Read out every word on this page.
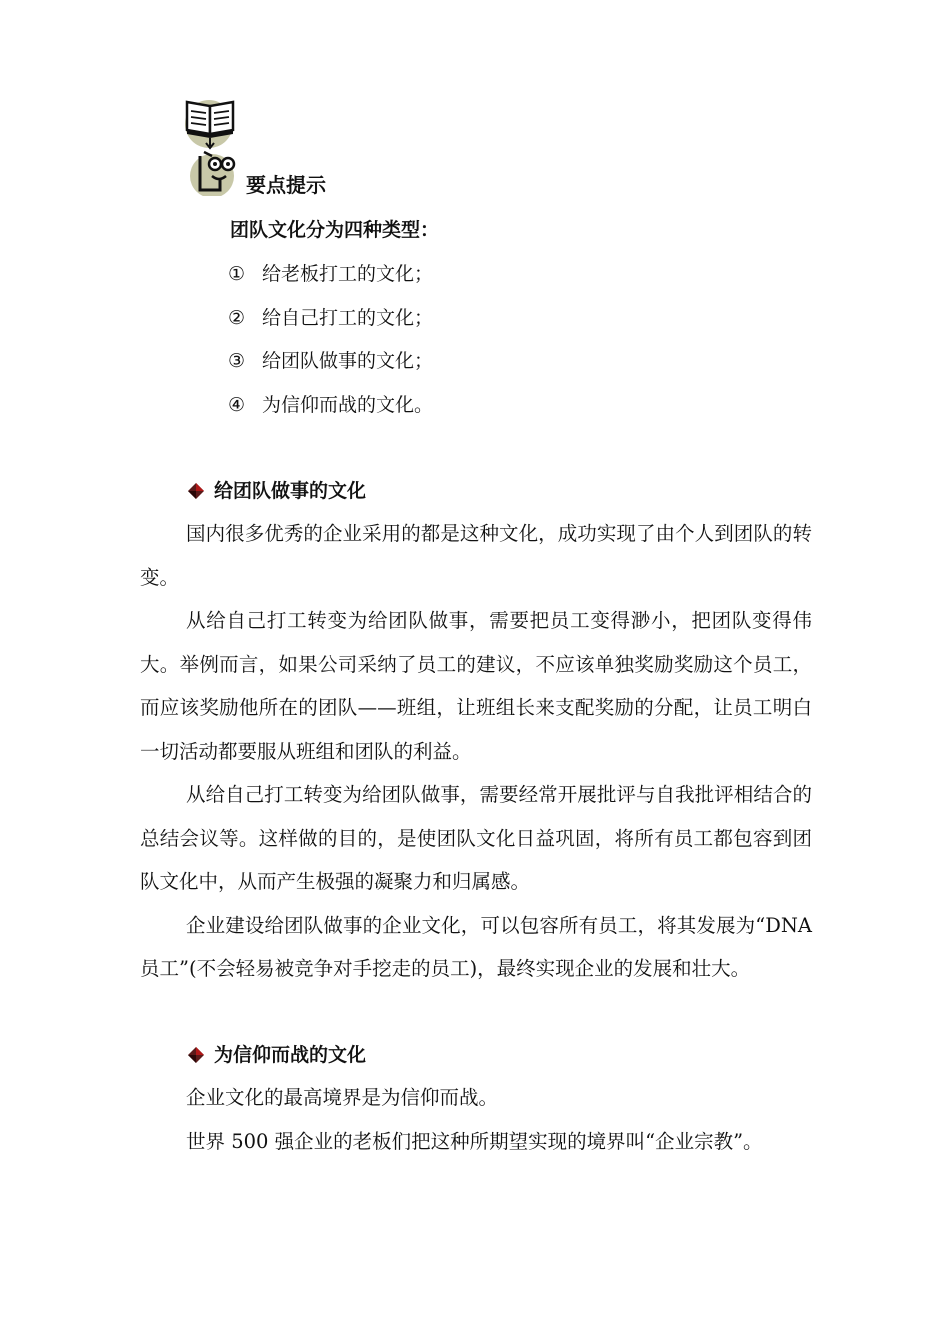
要点提示
团队文化分为四种类型：
① 给老板打工的文化；
② 给自己打工的文化；
③ 给团队做事的文化；
④ 为信仰而战的文化。
给团队做事的文化

国内很多优秀的企业采用的都是这种文化，成功实现了由个人到团队的转变。

从给自己打工转变为给团队做事，需要把员工变得渺小，把团队变得伟大。举例而言，如果公司采纳了员工的建议，不应该单独奖励奖励这个员工，而应该奖励他所在的团队——班组，让班组长来支配奖励的分配，让员工明白一切活动都要服从班组和团队的利益。

从给自己打工转变为给团队做事，需要经常开展批评与自我批评相结合的总结会议等。这样做的目的，是使团队文化日益巩固，将所有员工都包容到团队文化中，从而产生极强的凝聚力和归属感。

企业建设给团队做事的企业文化，可以包容所有员工，将其发展为“DNA 员工”(不会轻易被竞争对手挖走的员工)，最终实现企业的发展和壮大。

为信仰而战的文化

企业文化的最高境界是为信仰而战。

世界 500 强企业的老板们把这种所期望实现的境界叫“企业宗教”。
